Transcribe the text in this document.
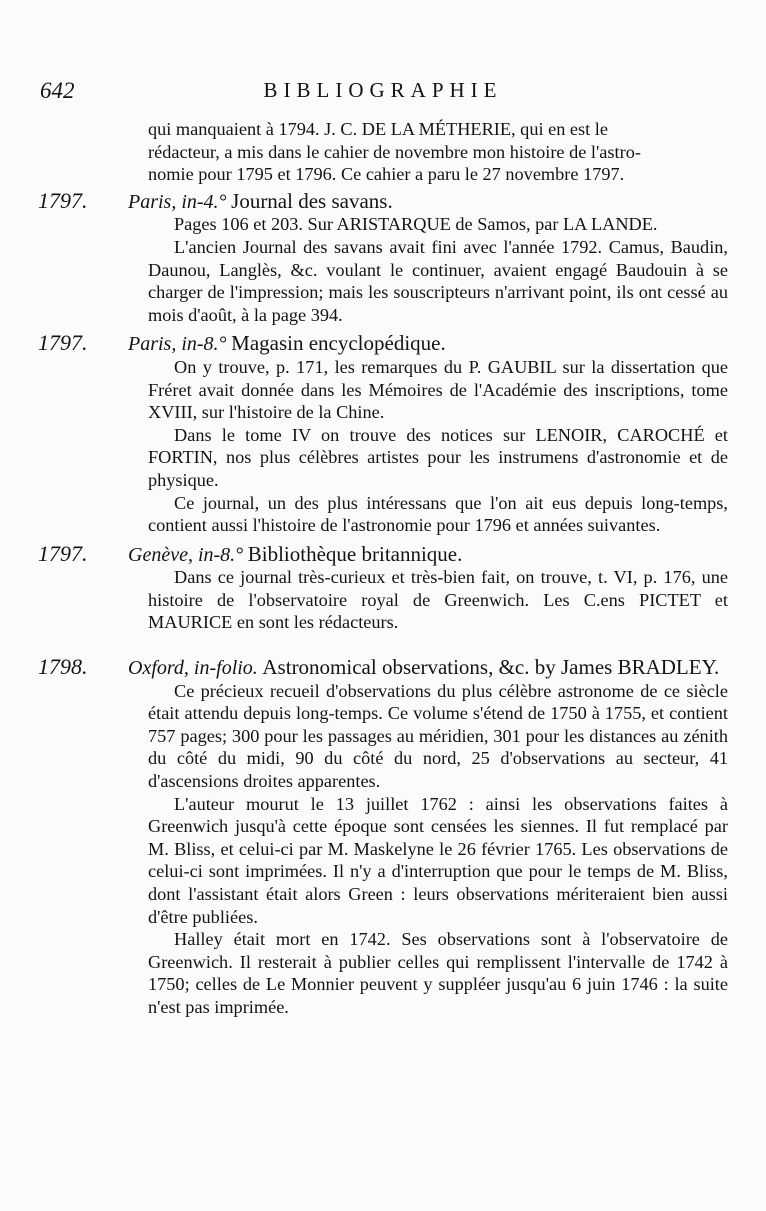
642	BIBLIOGRAPHIE

qui manquaient à 1794. J. C. DE LA MÉTHERIE, qui en est le

rédacteur, a mis dans le cahier de novembre mon histoire de l'astro-

nomie pour 1795 et 1796. Ce cahier a paru le 27 novembre 1797.

1797.	Paris, in-4.° Journal des savans.

Pages 106 et 203. Sur ARISTARQUE de Samos, par LA LANDE.

L'ancien Journal des savans avait fini avec l'année 1792. Camus, Baudin, Daunou, Langlès, &c. voulant le continuer, avaient engagé Baudouin à se charger de l'impression; mais les souscripteurs n'arrivant point, ils ont cessé au mois d'août, à la page 394.

1797.	Paris, in-8.° Magasin encyclopédique.

On y trouve, p. 171, les remarques du P. GAUBIL sur la dissertation que Fréret avait donnée dans les Mémoires de l'Académie des inscriptions, tome XVIII, sur l'histoire de la Chine.

Dans le tome IV on trouve des notices sur LENOIR, CAROCHÉ et FORTIN, nos plus célèbres artistes pour les instrumens d'astronomie et de physique.

Ce journal, un des plus intéressans que l'on ait eus depuis long-temps, contient aussi l'histoire de l'astronomie pour 1796 et années suivantes.

1797.	Genève, in-8.° Bibliothèque britannique.

Dans ce journal très-curieux et très-bien fait, on trouve, t. VI, p. 176, une histoire de l'observatoire royal de Greenwich. Les C.ens PICTET et MAURICE en sont les rédacteurs.

1798.	Oxford, in-folio. Astronomical observations, &c. by James BRADLEY.

Ce précieux recueil d'observations du plus célèbre astronome de ce siècle était attendu depuis long-temps. Ce volume s'étend de 1750 à 1755, et contient 757 pages; 300 pour les passages au méridien, 301 pour les distances au zénith du côté du midi, 90 du côté du nord, 25 d'observations au secteur, 41 d'ascensions droites apparentes.

L'auteur mourut le 13 juillet 1762 : ainsi les observations faites à Greenwich jusqu'à cette époque sont censées les siennes. Il fut remplacé par M. Bliss, et celui-ci par M. Maskelyne le 26 février 1765. Les observations de celui-ci sont imprimées. Il n'y a d'interruption que pour le temps de M. Bliss, dont l'assistant était alors Green : leurs observations mériteraient bien aussi d'être publiées.

Halley était mort en 1742. Ses observations sont à l'observatoire de Greenwich. Il resterait à publier celles qui remplissent l'intervalle de 1742 à 1750; celles de Le Monnier peuvent y suppléer jusqu'au 6 juin 1746 : la suite n'est pas imprimée.
